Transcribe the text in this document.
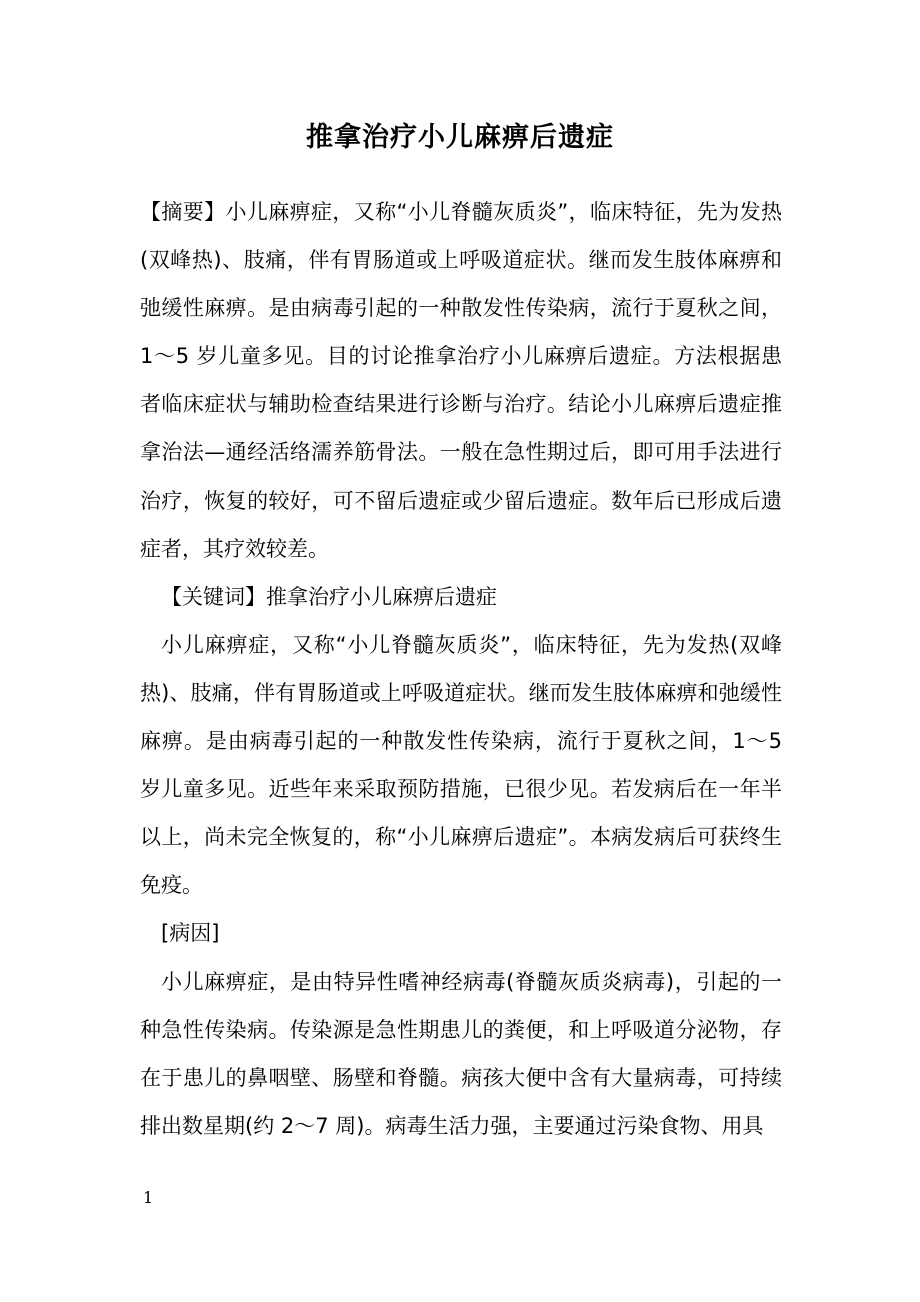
推拿治疗小儿麻痹后遗症

【摘要】小儿麻痹症，又称“小儿脊髓灰质炎”，临床特征，先为发热(双峰热)、肢痛，伴有胃肠道或上呼吸道症状。继而发生肢体麻痹和弛缓性麻痹。是由病毒引起的一种散发性传染病，流行于夏秋之间，1～5 岁儿童多见。目的讨论推拿治疗小儿麻痹后遗症。方法根据患者临床症状与辅助检查结果进行诊断与治疗。结论小儿麻痹后遗症推拿治法—通经活络濡养筋骨法。一般在急性期过后，即可用手法进行治疗，恢复的较好，可不留后遗症或少留后遗症。数年后已形成后遗症者，其疗效较差。

【关键词】推拿治疗小儿麻痹后遗症

小儿麻痹症，又称“小儿脊髓灰质炎”，临床特征，先为发热(双峰热)、肢痛，伴有胃肠道或上呼吸道症状。继而发生肢体麻痹和弛缓性麻痹。是由病毒引起的一种散发性传染病，流行于夏秋之间，1～5 岁儿童多见。近些年来采取预防措施，已很少见。若发病后在一年半以上，尚未完全恢复的，称“小儿麻痹后遗症”。本病发病后可获终生免疫。

[病因]

小儿麻痹症，是由特异性嗜神经病毒(脊髓灰质炎病毒)，引起的一种急性传染病。传染源是急性期患儿的粪便，和上呼吸道分泌物，存在于患儿的鼻咽壁、肠壁和脊髓。病孩大便中含有大量病毒，可持续排出数星期(约 2～7 周)。病毒生活力强，主要通过污染食物、用具

1
